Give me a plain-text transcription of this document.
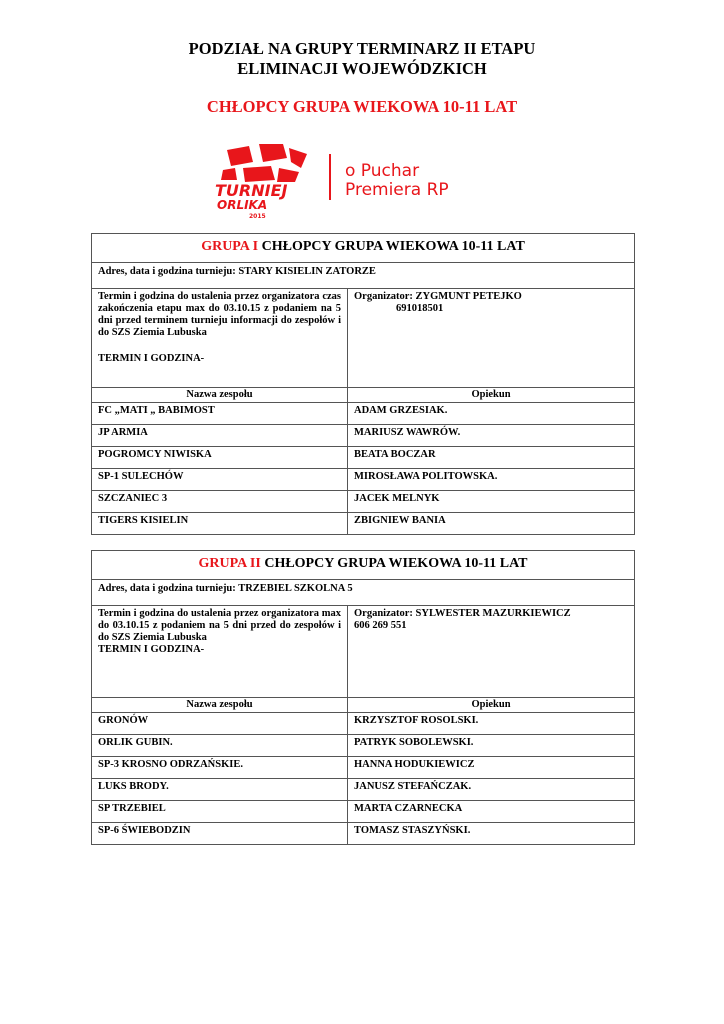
PODZIAŁ NA GRUPY TERMINARZ II ETAPU
ELIMINACJI WOJEWÓDZKICH
CHŁOPCY GRUPA WIEKOWA 10-11 LAT
TURNIEJ
ORLIKA
2015
o Puchar
Premiera RP
GRUPA I CHŁOPCY GRUPA WIEKOWA 10-11 LAT
Adres, data i godzina turnieju: STARY KISIELIN ZATORZE
Termin i godzina do ustalenia przez organizatora czas zakończenia etapu max do 03.10.15 z podaniem na 5 dni przed terminem turnieju informacji do zespołów i do SZS Ziemia Lubuska
TERMIN I GODZINA-
Organizator: ZYGMUNT PETEJKO
691018501
Nazwa zespołu	Opiekun
FC „MATI „ BABIMOST	ADAM GRZESIAK.
JP ARMIA	MARIUSZ WAWRÓW.
POGROMCY NIWISKA	BEATA BOCZAR
SP-1 SULECHÓW	MIROSŁAWA POLITOWSKA.
SZCZANIEC 3	JACEK MELNYK
TIGERS KISIELIN	ZBIGNIEW BANIA
GRUPA II CHŁOPCY GRUPA WIEKOWA 10-11 LAT
Adres, data i godzina turnieju: TRZEBIEL SZKOLNA 5
Termin i godzina do ustalenia przez organizatora max do 03.10.15 z podaniem na 5 dni przed do zespołów i do SZS Ziemia Lubuska
TERMIN I GODZINA-
Organizator: SYLWESTER MAZURKIEWICZ
606 269 551
Nazwa zespołu	Opiekun
GRONÓW	KRZYSZTOF ROSOLSKI.
ORLIK GUBIN.	PATRYK SOBOLEWSKI.
SP-3 KROSNO ODRZAŃSKIE.	HANNA HODUKIEWICZ
LUKS BRODY.	JANUSZ STEFAŃCZAK.
SP TRZEBIEL	MARTA CZARNECKA
SP-6 ŚWIEBODZIN	TOMASZ STASZYŃSKI.
